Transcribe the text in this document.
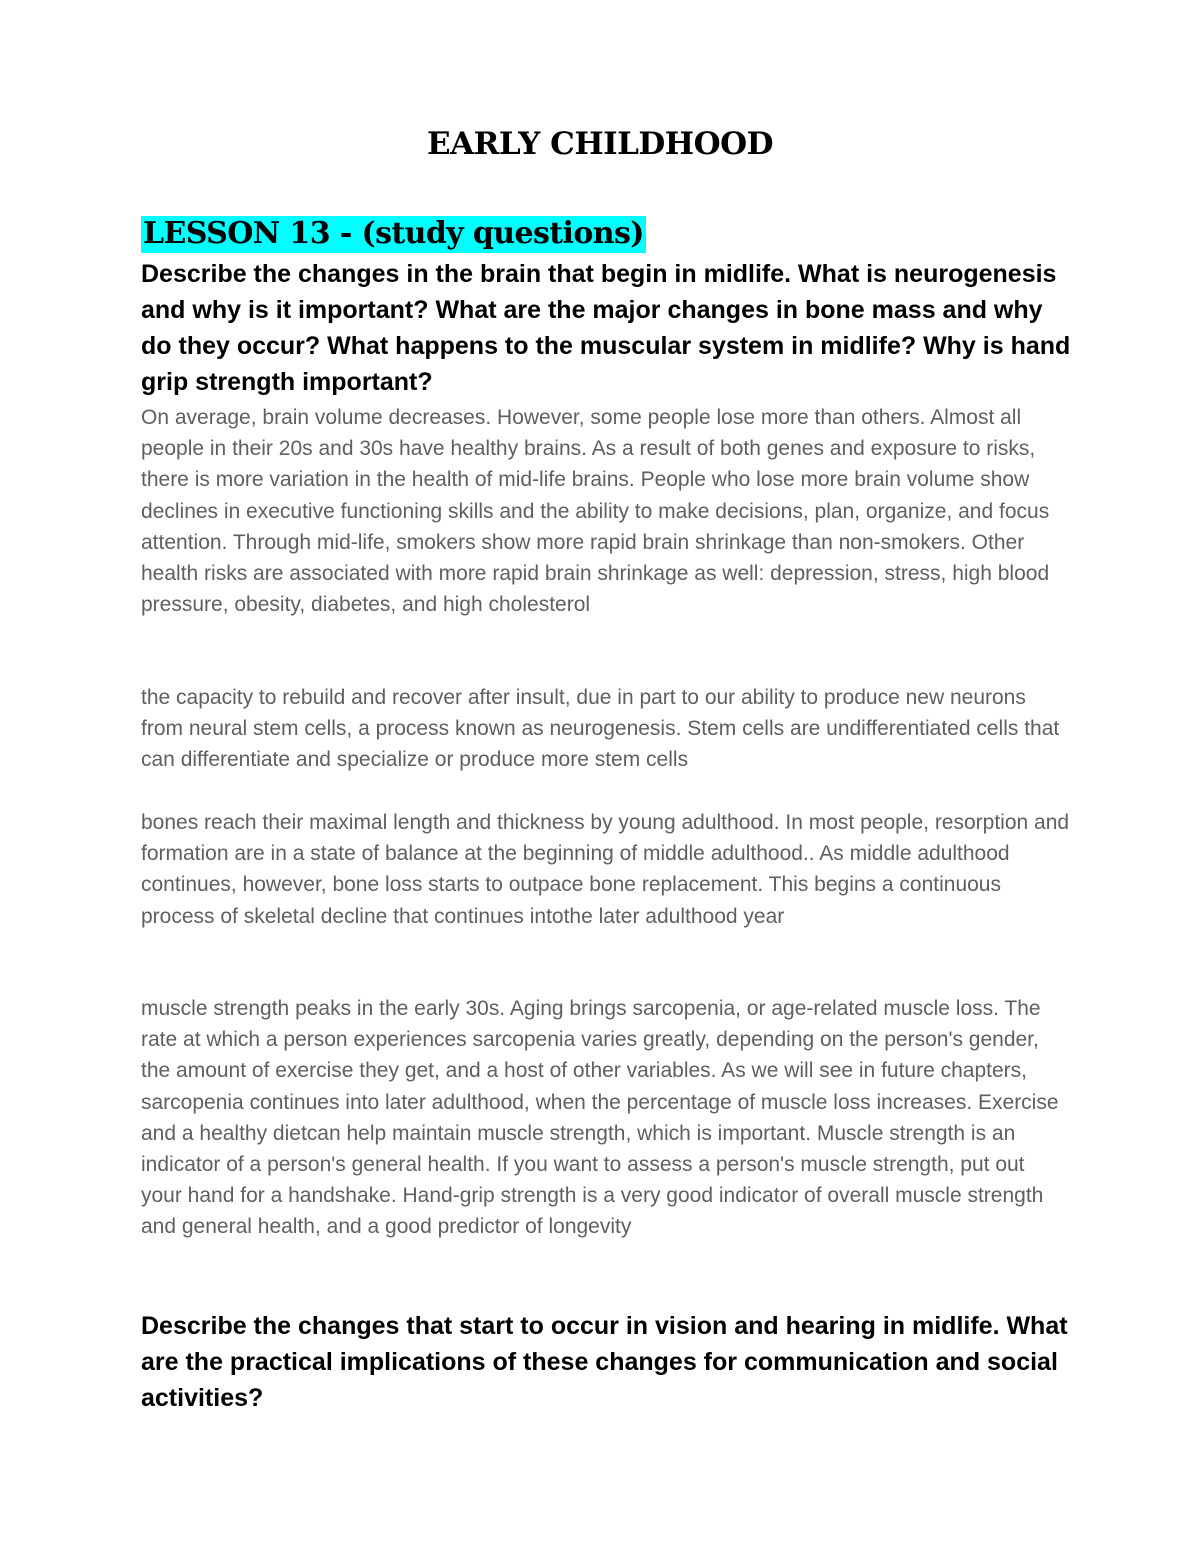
EARLY CHILDHOOD
LESSON 13 - (study questions)

Describe the changes in the brain that begin in midlife. What is neurogenesis and why is it important? What are the major changes in bone mass and why do they occur? What happens to the muscular system in midlife? Why is hand grip strength important?

On average, brain volume decreases. However, some people lose more than others. Almost all people in their 20s and 30s have healthy brains. As a result of both genes and exposure to risks, there is more variation in the health of mid-life brains. People who lose more brain volume show declines in executive functioning skills and the ability to make decisions, plan, organize, and focus attention. Through mid-life, smokers show more rapid brain shrinkage than non-smokers. Other health risks are associated with more rapid brain shrinkage as well: depression, stress, high blood pressure, obesity, diabetes, and high cholesterol

the capacity to rebuild and recover after insult, due in part to our ability to produce new neurons from neural stem cells, a process known as neurogenesis. Stem cells are undifferentiated cells that can differentiate and specialize or produce more stem cells

bones reach their maximal length and thickness by young adulthood. In most people, resorption and formation are in a state of balance at the beginning of middle adulthood.. As middle adulthood continues, however, bone loss starts to outpace bone replacement. This begins a continuous process of skeletal decline that continues intothe later adulthood year

muscle strength peaks in the early 30s. Aging brings sarcopenia, or age-related muscle loss. The rate at which a person experiences sarcopenia varies greatly, depending on the person's gender, the amount of exercise they get, and a host of other variables. As we will see in future chapters, sarcopenia continues into later adulthood, when the percentage of muscle loss increases. Exercise and a healthy dietcan help maintain muscle strength, which is important. Muscle strength is an indicator of a person's general health. If you want to assess a person's muscle strength, put out your hand for a handshake. Hand-grip strength is a very good indicator of overall muscle strength and general health, and a good predictor of longevity

Describe the changes that start to occur in vision and hearing in midlife. What are the practical implications of these changes for communication and social activities?
